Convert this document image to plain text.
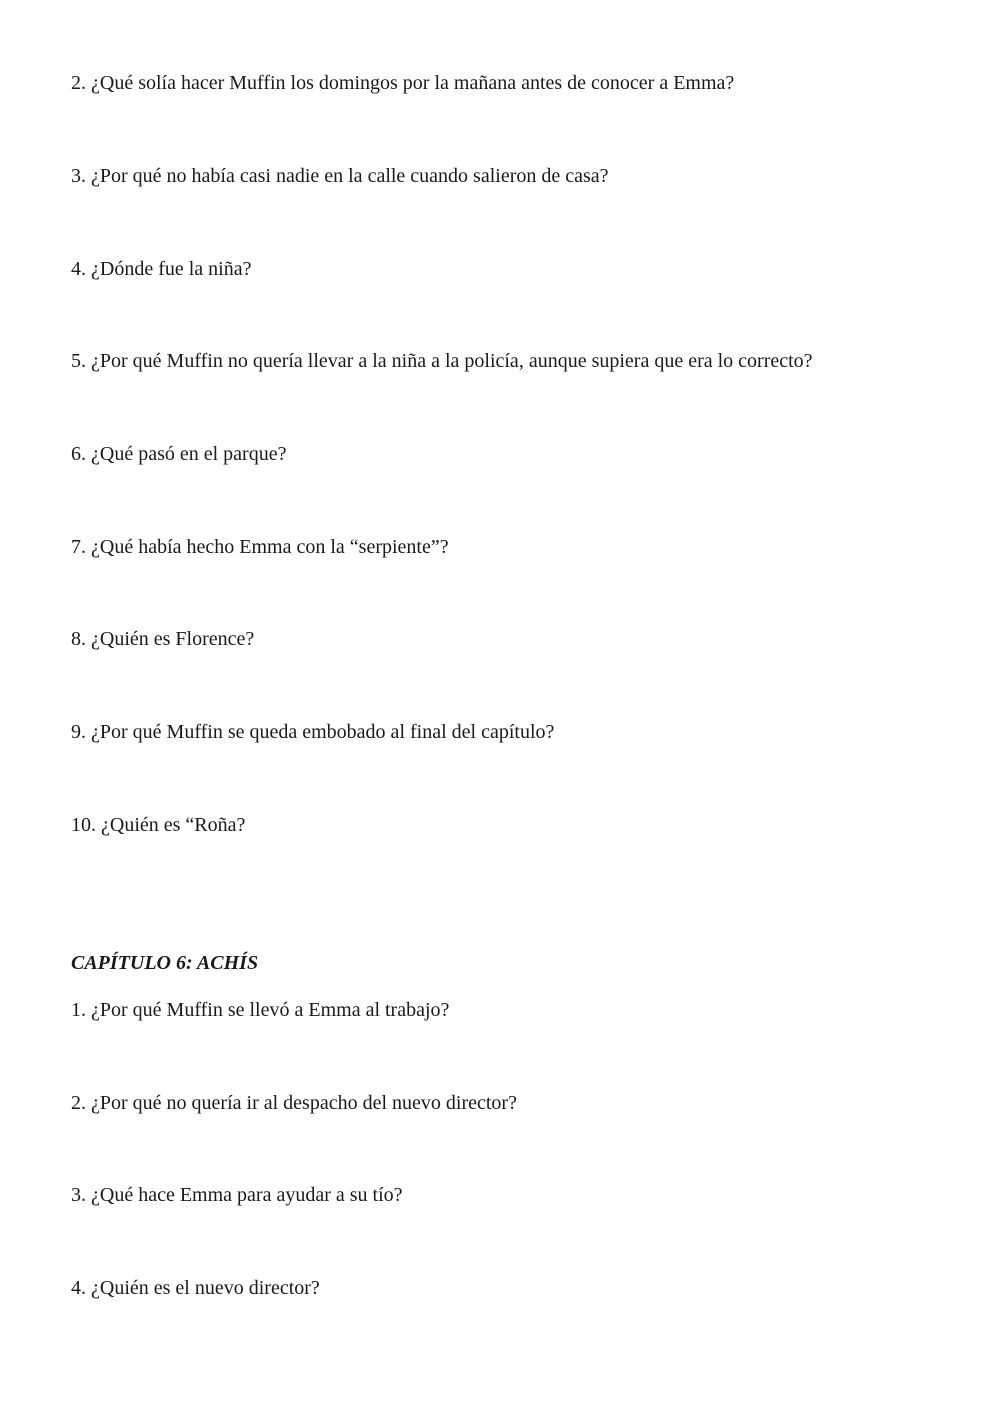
2. ¿Qué solía hacer Muffin los domingos por la mañana antes de conocer a Emma?
3. ¿Por qué no había casi nadie en la calle cuando salieron de casa?
4. ¿Dónde fue la niña?
5. ¿Por qué Muffin no quería llevar a la niña a la policía, aunque supiera que era lo correcto?
6. ¿Qué pasó en el parque?
7. ¿Qué había hecho Emma con la “serpiente”?
8. ¿Quién es Florence?
9. ¿Por qué Muffin se queda embobado al final del capítulo?
10. ¿Quién es “Roña?
CAPÍTULO 6: ACHÍS
1. ¿Por qué Muffin se llevó a Emma al trabajo?
2. ¿Por qué no quería ir al despacho del nuevo director?
3. ¿Qué hace Emma para ayudar a su tío?
4. ¿Quién es el nuevo director?
